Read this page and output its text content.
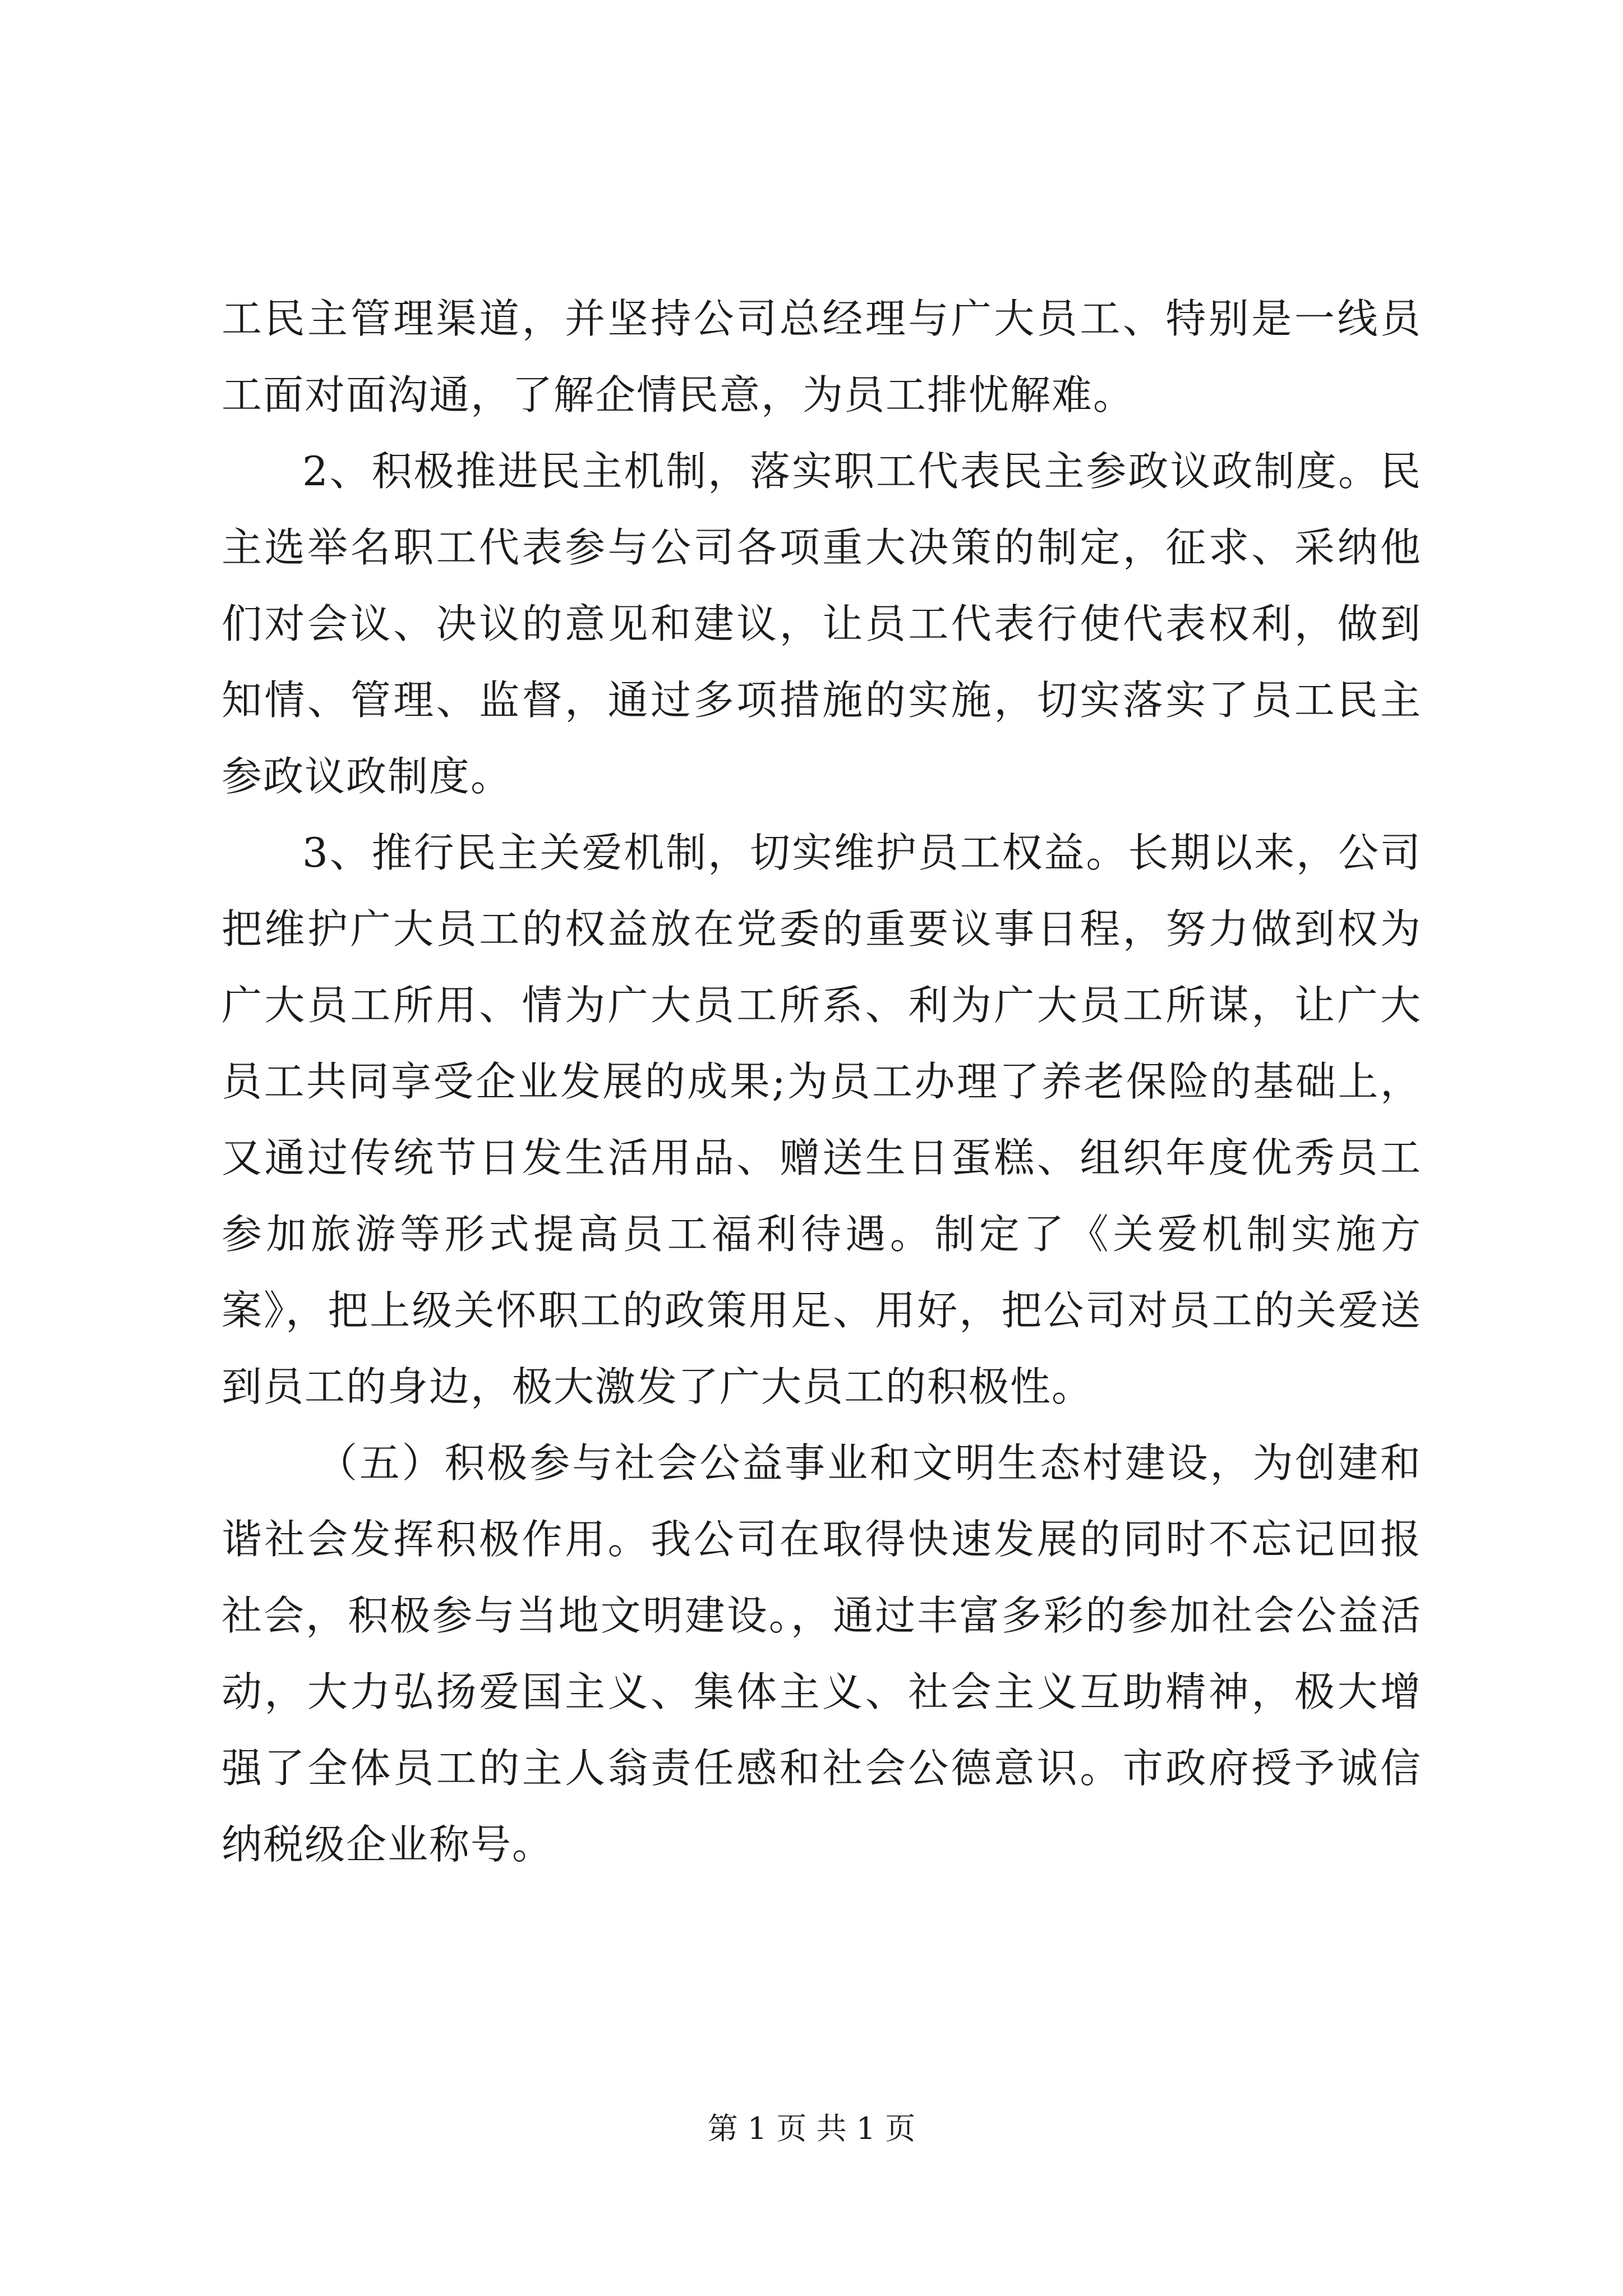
工民主管理渠道，并坚持公司总经理与广大员工、特别是一线员工面对面沟通，了解企情民意，为员工排忧解难。

2、积极推进民主机制，落实职工代表民主参政议政制度。民主选举名职工代表参与公司各项重大决策的制定，征求、采纳他们对会议、决议的意见和建议，让员工代表行使代表权利，做到知情、管理、监督，通过多项措施的实施，切实落实了员工民主参政议政制度。

3、推行民主关爱机制，切实维护员工权益。长期以来，公司把维护广大员工的权益放在党委的重要议事日程，努力做到权为广大员工所用、情为广大员工所系、利为广大员工所谋，让广大员工共同享受企业发展的成果;为员工办理了养老保险的基础上，又通过传统节日发生活用品、赠送生日蛋糕、组织年度优秀员工参加旅游等形式提高员工福利待遇。制定了《关爱机制实施方案》，把上级关怀职工的政策用足、用好，把公司对员工的关爱送到员工的身边，极大激发了广大员工的积极性。

（五）积极参与社会公益事业和文明生态村建设，为创建和谐社会发挥积极作用。我公司在取得快速发展的同时不忘记回报社会，积极参与当地文明建设。，通过丰富多彩的参加社会公益活动，大力弘扬爱国主义、集体主义、社会主义互助精神，极大增强了全体员工的主人翁责任感和社会公德意识。市政府授予诚信纳税级企业称号。

第 1 页 共 1 页
